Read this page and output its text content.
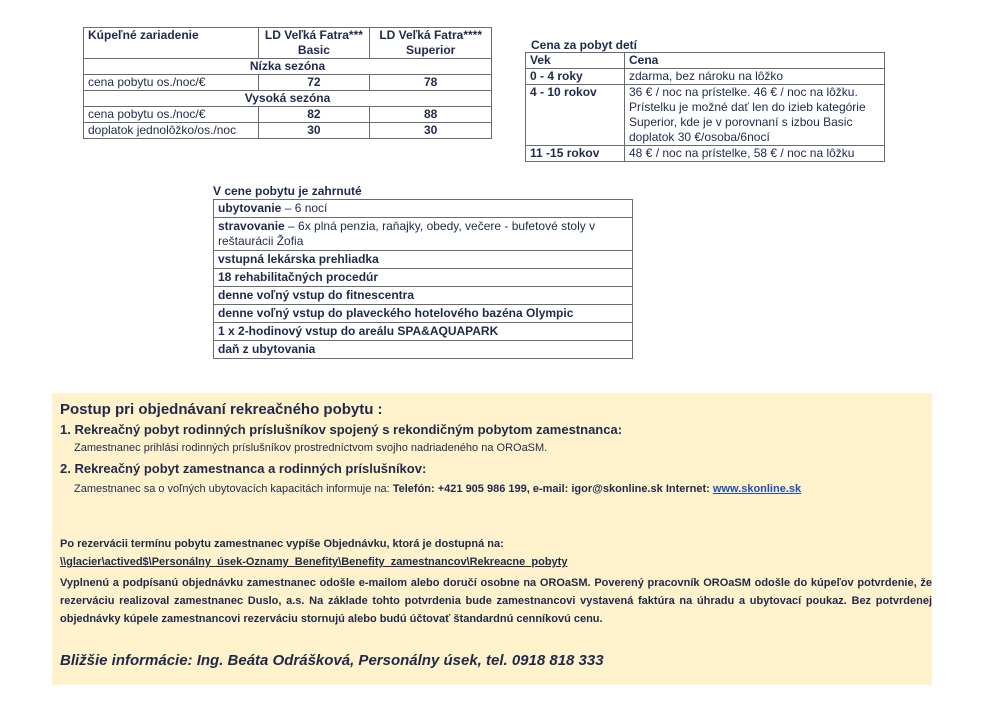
Kúpeľné zariadenie	LD Veľká Fatra*** Basic	LD Veľká Fatra**** Superior
Nízka sezóna		
cena pobytu os./noc/€	72	78
Vysoká sezóna		
cena pobytu os./noc/€	82	88
doplatok jednolôžko/os./noc	30	30
Cena za pobyt detí
Vek	Cena
0 - 4 roky	zdarma, bez nároku na lôžko
4 - 10 rokov	36 € / noc na prístelke. 46 € / noc na lôžku. Prístelku je možné dať len do izieb kategórie Superior, kde je v porovnaní s izbou Basic doplatok 30 €/osoba/6nocí
11 -15 rokov	48 € / noc na prístelke, 58 € / noc na lôžku
V cene pobytu je zahrnuté
ubytovanie – 6 nocí
stravovanie – 6x plná penzia, raňajky, obedy, večere - bufetové stoly v reštaurácii Žofia
vstupná lekárska prehliadka
18 rehabilitačných procedúr
denne voľný vstup do fitnescentra
denne voľný vstup do plaveckého hotelového bazéna Olympic
1 x 2-hodinový vstup do areálu SPA&AQUAPARK
daň z ubytovania
Postup pri objednávaní rekreačného pobytu :
1. Rekreačný pobyt rodinných príslušníkov spojený s rekondičným pobytom zamestnanca:
Zamestnanec prihlási rodinných príslušníkov prostredníctvom svojho nadriadeného na OROaSM.
2. Rekreačný pobyt zamestnanca a rodinných príslušníkov:
Zamestnanec sa o voľných ubytovacích kapacitách informuje na: Telefón: +421 905 986 199, e-mail: igor@skonline.sk Internet: www.skonline.sk
Po rezervácii termínu pobytu zamestnanec vypíše Objednávku, ktorá je dostupná na:
\\glacier\actived$\Personálny_úsek-Oznamy_Benefity\Benefity_zamestnancov\Rekreacne_pobyty
Vyplnenú a podpísanú objednávku zamestnanec odošle e-mailom alebo doručí osobne na OROaSM. Poverený pracovník OROaSM odošle do kúpeľov potvrdenie, že rezerváciu realizoval zamestnanec Duslo, a.s. Na základe tohto potvrdenia bude zamestnancovi vystavená faktúra na úhradu a ubytovací poukaz. Bez potvrdenej objednávky kúpele zamestnancovi rezerváciu stornujú alebo budú účtovať štandardnú cenníkovú cenu.
Bližšie informácie: Ing. Beáta Odrášková, Personálny úsek, tel. 0918 818 333
